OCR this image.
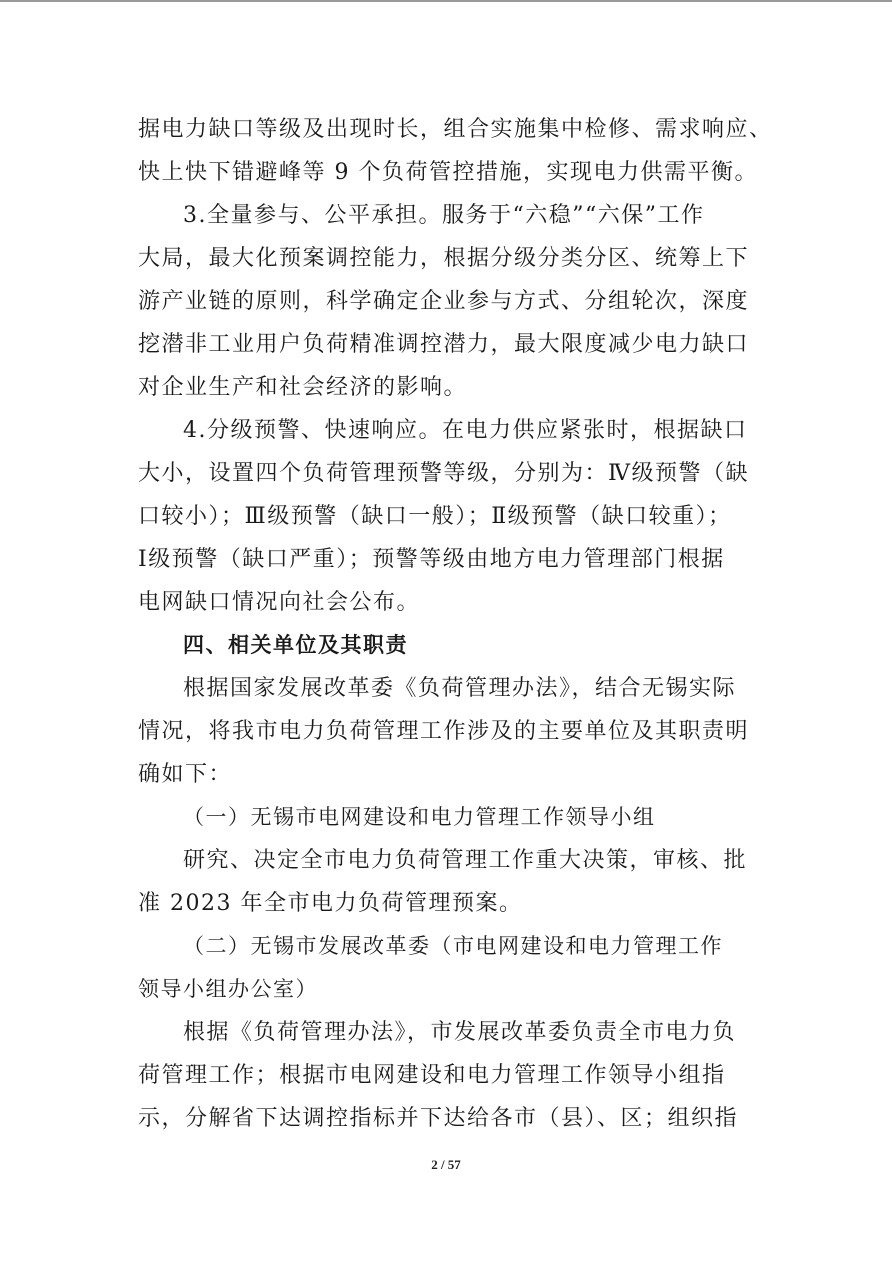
据电力缺口等级及出现时长，组合实施集中检修、需求响应、
快上快下错避峰等 9 个负荷管控措施，实现电力供需平衡。
3.全量参与、公平承担。服务于“六稳”“六保”工作
大局，最大化预案调控能力，根据分级分类分区、统筹上下
游产业链的原则，科学确定企业参与方式、分组轮次，深度
挖潜非工业用户负荷精准调控潜力，最大限度减少电力缺口
对企业生产和社会经济的影响。
4.分级预警、快速响应。在电力供应紧张时，根据缺口
大小，设置四个负荷管理预警等级，分别为：Ⅳ级预警（缺
口较小）；Ⅲ级预警（缺口一般）；Ⅱ级预警（缺口较重）；
Ⅰ级预警（缺口严重）；预警等级由地方电力管理部门根据
电网缺口情况向社会公布。
四、相关单位及其职责
根据国家发展改革委《负荷管理办法》，结合无锡实际
情况，将我市电力负荷管理工作涉及的主要单位及其职责明
确如下：
（一）无锡市电网建设和电力管理工作领导小组
研究、决定全市电力负荷管理工作重大决策，审核、批
准 2023 年全市电力负荷管理预案。
（二）无锡市发展改革委（市电网建设和电力管理工作
领导小组办公室）
根据《负荷管理办法》，市发展改革委负责全市电力负
荷管理工作；根据市电网建设和电力管理工作领导小组指
示，分解省下达调控指标并下达给各市（县）、区；组织指
2 / 57
